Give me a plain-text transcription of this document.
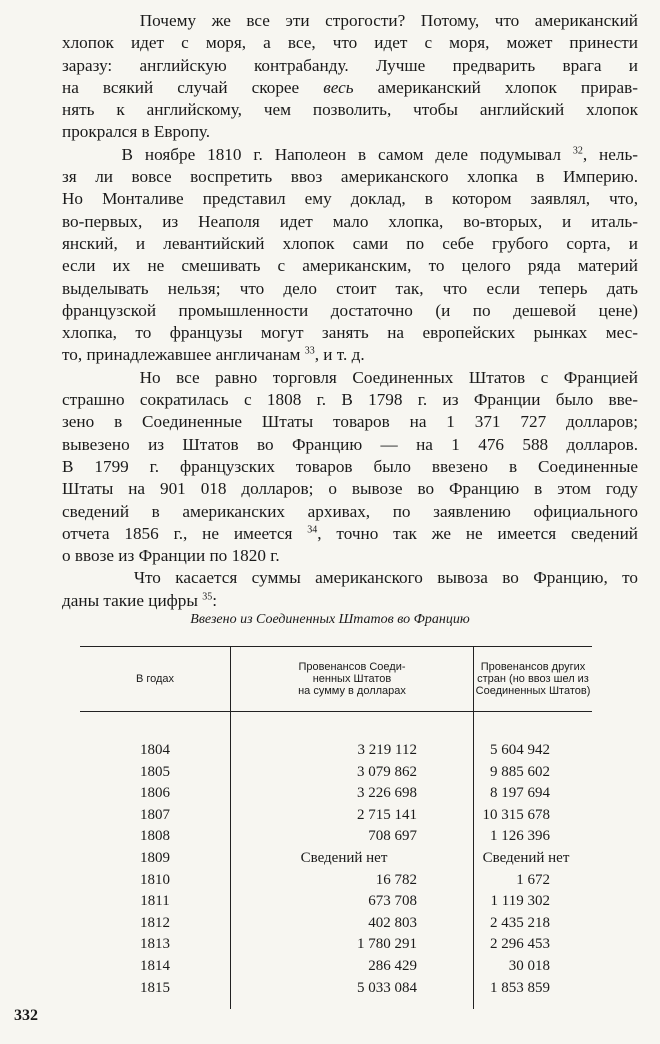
Почему же все эти строгости? Потому, что американский
хлопок идет с моря, а все, что идет с моря, может принести
заразу: английскую контрабанду. Лучше предварить врага и
на всякий случай скорее весь американский хлопок прирав-
нять к английскому, чем позволить, чтобы английский хлопок
прокрался в Европу.

В ноябре 1810 г. Наполеон в самом деле подумывал $^{32}$, нель-
зя ли вовсе воспретить ввоз американского хлопка в Империю.
Но Монталиве представил ему доклад, в котором заявлял, что,
во-первых, из Неаполя идет мало хлопка, во-вторых, и италь-
янский, и левантийский хлопок сами по себе грубого сорта, и
если их не смешивать с американским, то целого ряда материй
выделывать нельзя; что дело стоит так, что если теперь дать
французской промышленности достаточно (и по дешевой цене)
хлопка, то французы могут занять на европейских рынках мес-
то, принадлежавшее англичанам $^{33}$, и т. д.

Но все равно торговля Соединенных Штатов с Францией
страшно сократилась с 1808 г. В 1798 г. из Франции было вве-
зено в Соединенные Штаты товаров на 1 371 727 долларов;
вывезено из Штатов во Францию — на 1 476 588 долларов.
В 1799 г. французских товаров было ввезено в Соединенные
Штаты на 901 018 долларов; о вывозе во Францию в этом году
сведений в американских архивах, по заявлению официального
отчета 1856 г., не имеется $^{34}$, точно так же не имеется сведений
о ввозе из Франции по 1820 г.

Что касается суммы американского вывоза во Францию, то
даны такие цифры $^{35}$:

Ввезено из Соединенных Штатов во Францию
В годах	Провенансов Соеди-
ненных Штатов
на сумму в долларах	Провенансов других
стран (но ввоз шел из
Соединенных Штатов)

1804	3 219 112	5 604 942
1805	3 079 862	9 885 602
1806	3 226 698	8 197 694
1807	2 715 141	10 315 678
1808	708 697	1 126 396
1809	Сведений нет	Сведений нет
1810	16 782	1 672
1811	673 708	1 119 302
1812	402 803	2 435 218
1813	1 780 291	2 296 453
1814	286 429	30 018
1815	5 033 084	1 853 859

332
